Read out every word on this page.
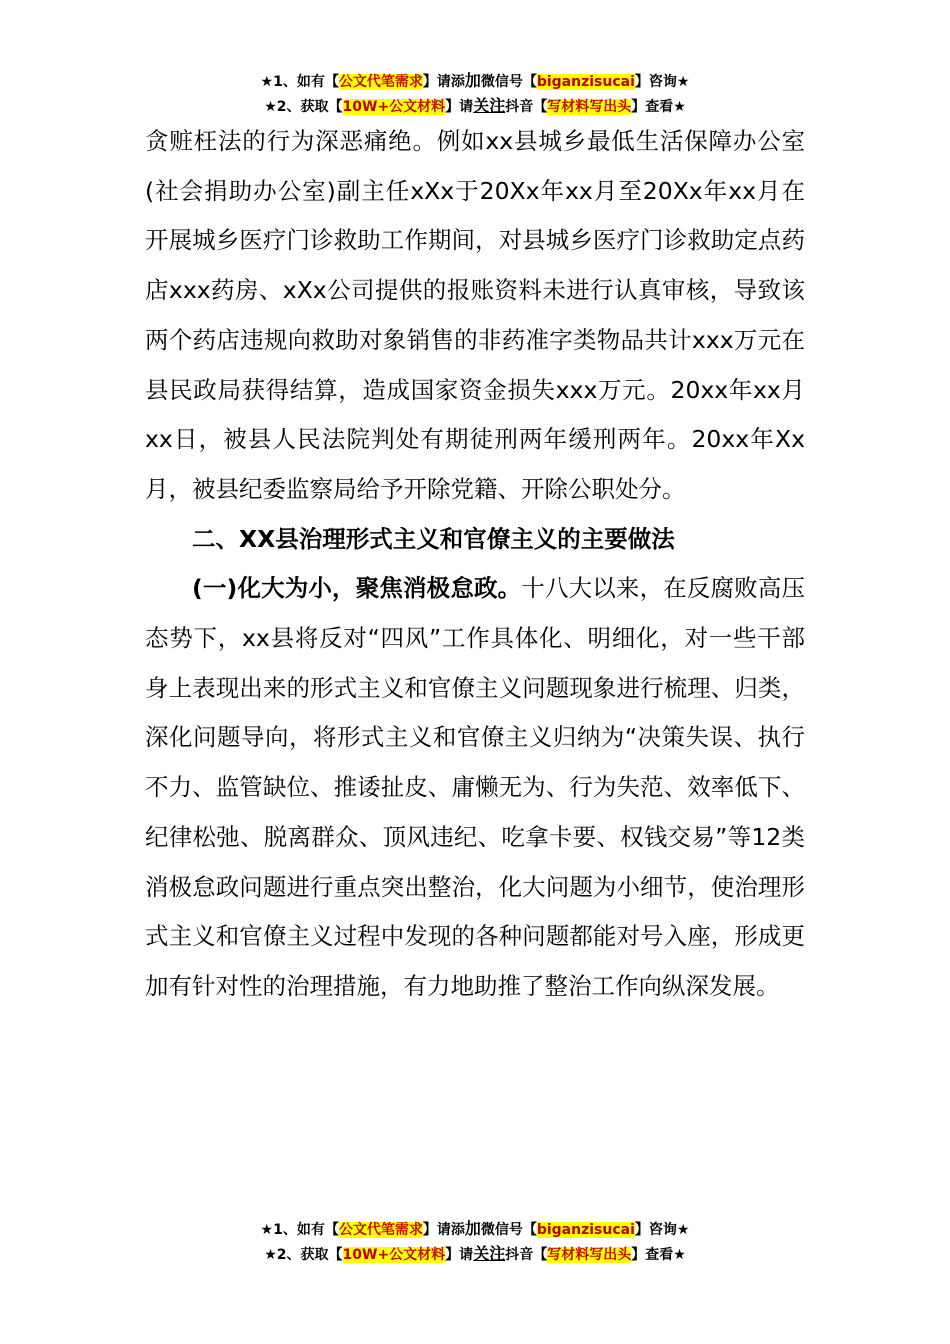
★1、如有【公文代笔需求】请添加微信号【biganzisucai】咨询★
★2、获取【10W+公文材料】请关注抖音【写材料写出头】查看★

贪赃枉法的行为深恶痛绝。例如xx县城乡最低生活保障办公室(社会捐助办公室)副主任xXx于20Xx年xx月至20Xx年xx月在开展城乡医疗门诊救助工作期间，对县城乡医疗门诊救助定点药店xxx药房、xXx公司提供的报账资料未进行认真审核，导致该两个药店违规向救助对象销售的非药准字类物品共计xxx万元在县民政局获得结算，造成国家资金损失xxx万元。20xx年xx月xx日，被县人民法院判处有期徒刑两年缓刑两年。20xx年Xx月，被县纪委监察局给予开除党籍、开除公职处分。

二、XX县治理形式主义和官僚主义的主要做法

(一)化大为小，聚焦消极怠政。十八大以来，在反腐败高压态势下，xx县将反对“四风”工作具体化、明细化，对一些干部身上表现出来的形式主义和官僚主义问题现象进行梳理、归类，深化问题导向，将形式主义和官僚主义归纳为“决策失误、执行不力、监管缺位、推诿扯皮、庸懒无为、行为失范、效率低下、纪律松弛、脱离群众、顶风违纪、吃拿卡要、权钱交易”等12类消极怠政问题进行重点突出整治，化大问题为小细节，使治理形式主义和官僚主义过程中发现的各种问题都能对号入座，形成更加有针对性的治理措施，有力地助推了整治工作向纵深发展。

★1、如有【公文代笔需求】请添加微信号【biganzisucai】咨询★
★2、获取【10W+公文材料】请关注抖音【写材料写出头】查看★
